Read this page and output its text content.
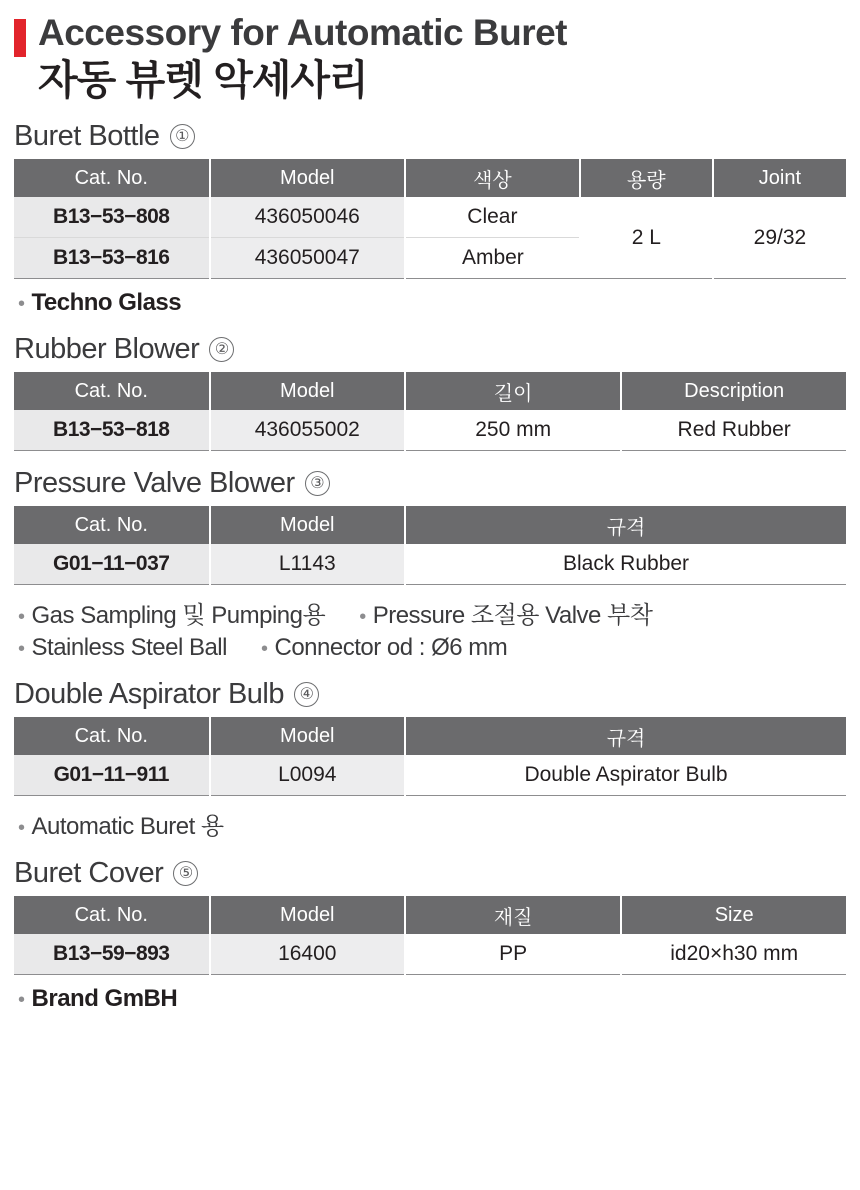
Accessory for Automatic Buret
자동 뷰렛 악세사리
Buret Bottle ①
Cat. No.	Model	색상	용량	Joint
B13−53−808	436050046	Clear	2 L	29/32
B13−53−816	436050047	Amber		
• Techno Glass
Rubber Blower ②
Cat. No.	Model	길이	Description
B13−53−818	436055002	250 mm	Red Rubber
Pressure Valve Blower ③
Cat. No.	Model	규격
G01−11−037	L1143	Black Rubber
• Gas Sampling 및 Pumping용 • Pressure 조절용 Valve 부착
• Stainless Steel Ball • Connector od : Ø6 mm
Double Aspirator Bulb ④
Cat. No.	Model	규격
G01−11−911	L0094	Double Aspirator Bulb
• Automatic Buret 용
Buret Cover ⑤
Cat. No.	Model	재질	Size
B13−59−893	16400	PP	id20×h30 mm
• Brand GmBH
